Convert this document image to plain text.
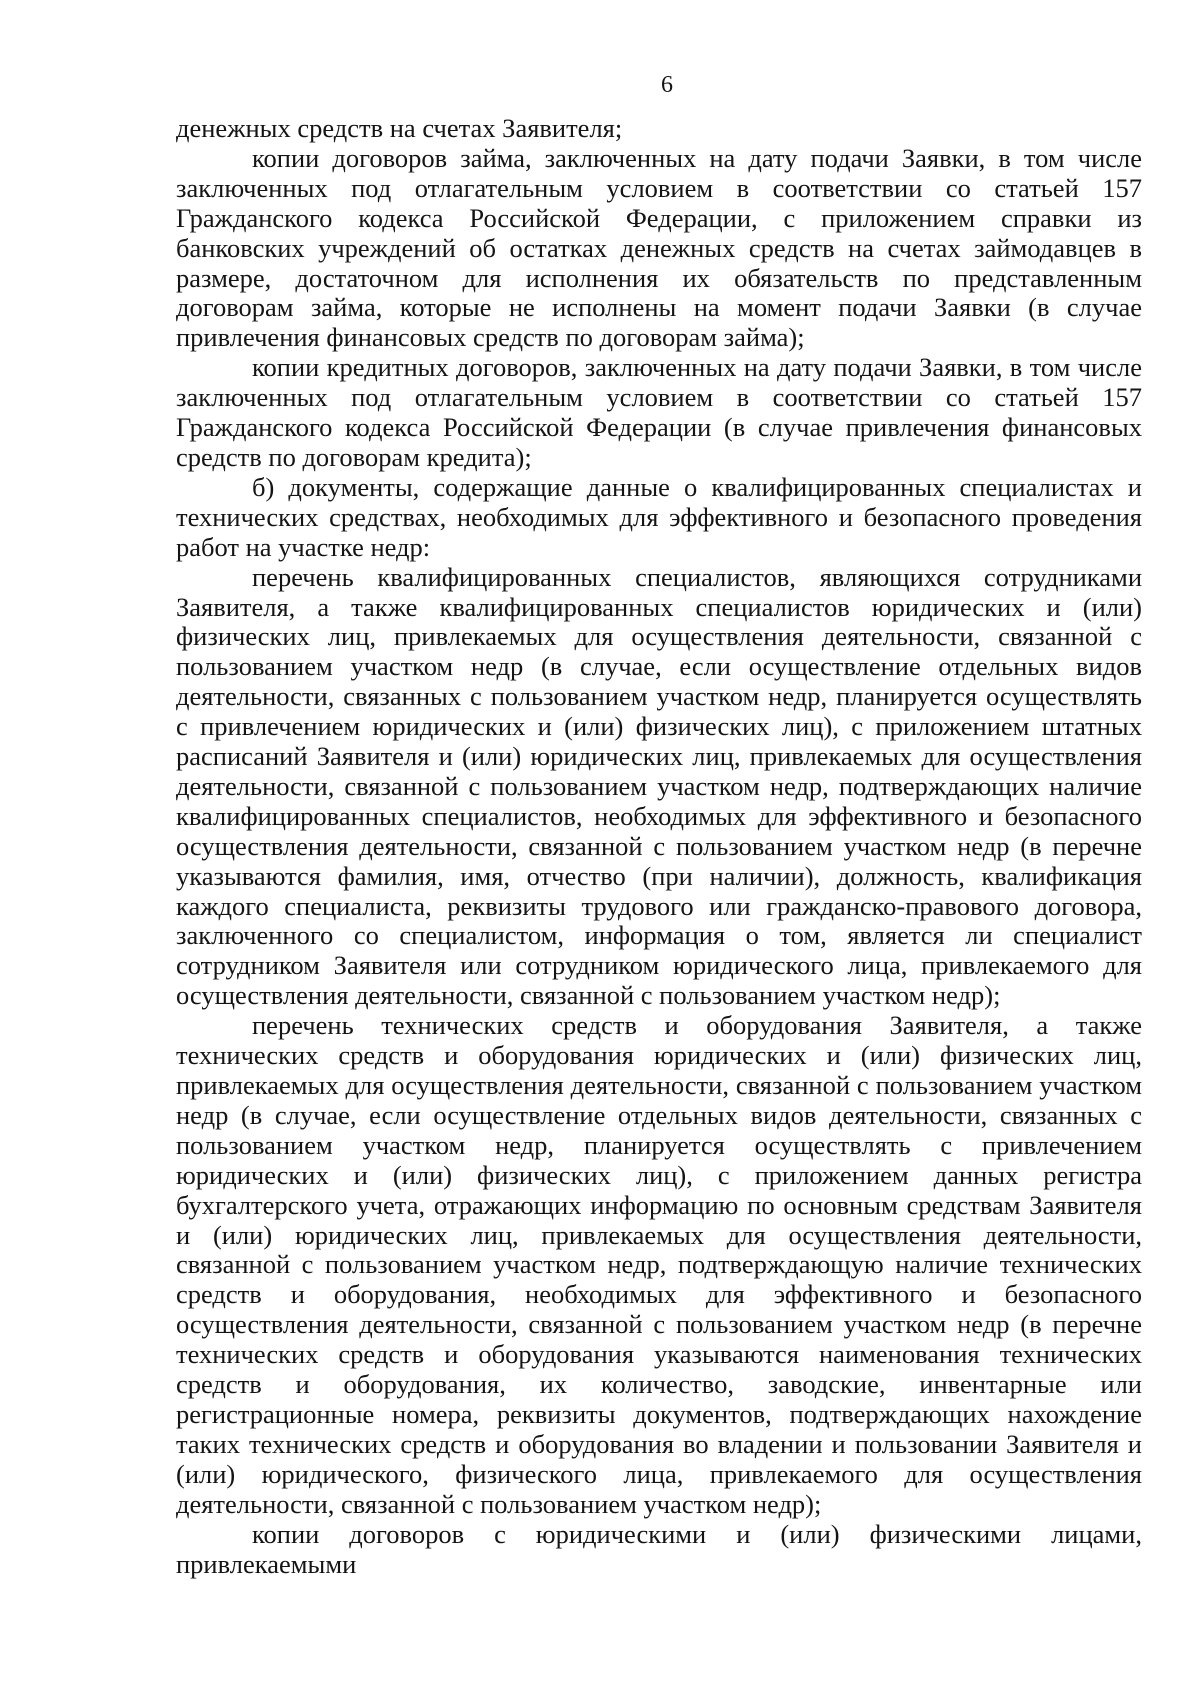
6

денежных средств на счетах Заявителя;

копии договоров займа, заключенных на дату подачи Заявки, в том числе заключенных под отлагательным условием в соответствии со статьей 157 Гражданского кодекса Российской Федерации, с приложением справки из банковских учреждений об остатках денежных средств на счетах займодавцев в размере, достаточном для исполнения их обязательств по представленным договорам займа, которые не исполнены на момент подачи Заявки (в случае привлечения финансовых средств по договорам займа);

копии кредитных договоров, заключенных на дату подачи Заявки, в том числе заключенных под отлагательным условием в соответствии со статьей 157 Гражданского кодекса Российской Федерации (в случае привлечения финансовых средств по договорам кредита);

б) документы, содержащие данные о квалифицированных специалистах и технических средствах, необходимых для эффективного и безопасного проведения работ на участке недр:

перечень квалифицированных специалистов, являющихся сотрудниками Заявителя, а также квалифицированных специалистов юридических и (или) физических лиц, привлекаемых для осуществления деятельности, связанной с пользованием участком недр (в случае, если осуществление отдельных видов деятельности, связанных с пользованием участком недр, планируется осуществлять с привлечением юридических и (или) физических лиц), с приложением штатных расписаний Заявителя и (или) юридических лиц, привлекаемых для осуществления деятельности, связанной с пользованием участком недр, подтверждающих наличие квалифицированных специалистов, необходимых для эффективного и безопасного осуществления деятельности, связанной с пользованием участком недр (в перечне указываются фамилия, имя, отчество (при наличии), должность, квалификация каждого специалиста, реквизиты трудового или гражданско-правового договора, заключенного со специалистом, информация о том, является ли специалист сотрудником Заявителя или сотрудником юридического лица, привлекаемого для осуществления деятельности, связанной с пользованием участком недр);

перечень технических средств и оборудования Заявителя, а также технических средств и оборудования юридических и (или) физических лиц, привлекаемых для осуществления деятельности, связанной с пользованием участком недр (в случае, если осуществление отдельных видов деятельности, связанных с пользованием участком недр, планируется осуществлять с привлечением юридических и (или) физических лиц), с приложением данных регистра бухгалтерского учета, отражающих информацию по основным средствам Заявителя и (или) юридических лиц, привлекаемых для осуществления деятельности, связанной с пользованием участком недр, подтверждающую наличие технических средств и оборудования, необходимых для эффективного и безопасного осуществления деятельности, связанной с пользованием участком недр (в перечне технических средств и оборудования указываются наименования технических средств и оборудования, их количество, заводские, инвентарные или регистрационные номера, реквизиты документов, подтверждающих нахождение таких технических средств и оборудования во владении и пользовании Заявителя и (или) юридического, физического лица, привлекаемого для осуществления деятельности, связанной с пользованием участком недр);

копии договоров с юридическими и (или) физическими лицами, привлекаемыми
